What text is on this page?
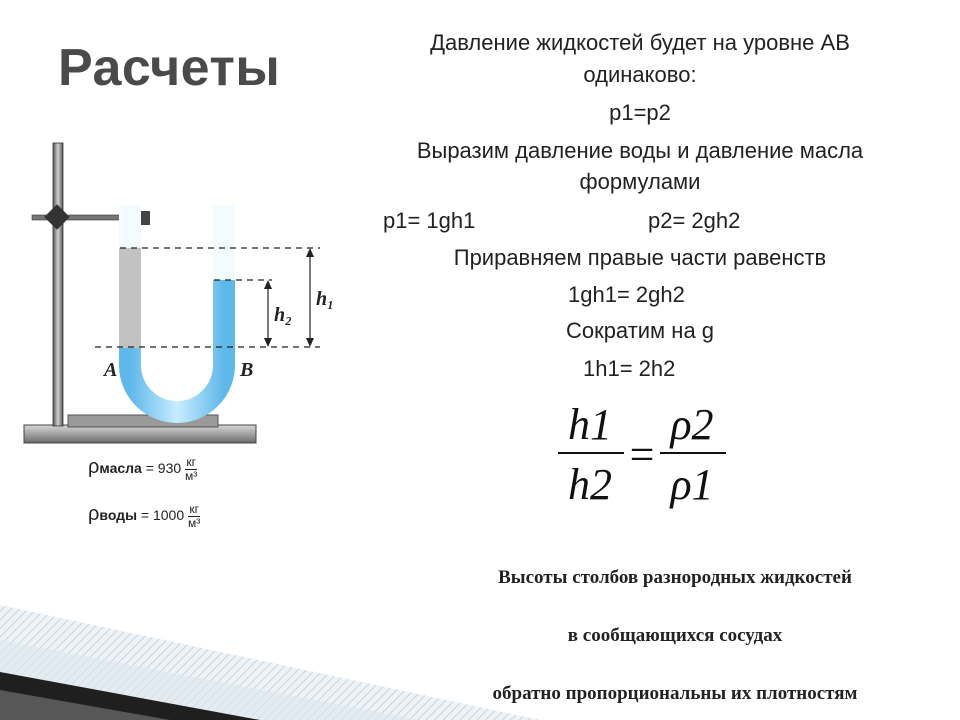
Расчеты
h₁
h₂
A	B
ρмасла = 930 кг
м³
ρводы = 1000 кг
м³
Давление жидкостей будет на уровне АВ
одинаково:
p1=p2
Выразим давление воды и давление масла
формулами
p1= 1gh1	p2= 2gh2
Приравняем правые части равенств
1gh1= 2gh2
Сократим на g
1h1= 2h2
h1
h2
=
ρ2
ρ1
Высоты столбов разнородных жидкостей
в сообщающихся сосудах
обратно пропорциональны их плотностям
